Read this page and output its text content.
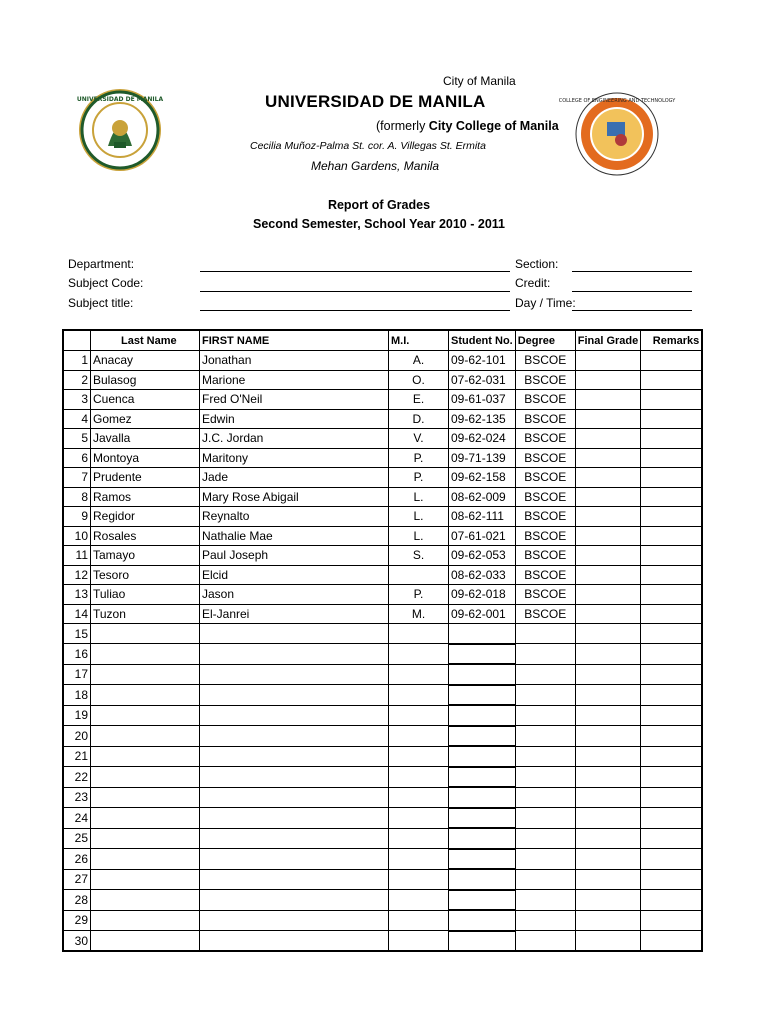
UNIVERSIDAD DE MANILA	COLLEGE OF ENGINEERING AND TECHNOLOGY
City of Manila
UNIVERSIDAD DE MANILA
(formerly City College of Manila
Cecilia Muñoz-Palma St. cor. A. Villegas St. Ermita
Mehan Gardens, Manila
Report of Grades
Second Semester, School Year 2010 - 2011
Department:
Subject Code:
Subject title:
Section:
Credit:
Day / Time:
	Last Name	FIRST NAME	M.I.	Student No.	Degree	Final Grade	Remarks
1	Anacay	Jonathan	A.	09-62-101	BSCOE		
2	Bulasog	Marione	O.	07-62-031	BSCOE		
3	Cuenca	Fred O'Neil	E.	09-61-037	BSCOE		
4	Gomez	Edwin	D.	09-62-135	BSCOE		
5	Javalla	J.C. Jordan	V.	09-62-024	BSCOE		
6	Montoya	Maritony	P.	09-71-139	BSCOE		
7	Prudente	Jade	P.	09-62-158	BSCOE		
8	Ramos	Mary Rose Abigail	L.	08-62-009	BSCOE		
9	Regidor	Reynalto	L.	08-62-111	BSCOE		
10	Rosales	Nathalie Mae	L.	07-61-021	BSCOE		
11	Tamayo	Paul Joseph	S.	09-62-053	BSCOE		
12	Tesoro	Elcid		08-62-033	BSCOE		
13	Tuliao	Jason	P.	09-62-018	BSCOE		
14	Tuzon	El-Janrei	M.	09-62-001	BSCOE		
15							
16							
17							
18							
19							
20							
21							
22							
23							
24							
25							
26							
27							
28							
29							
30							
